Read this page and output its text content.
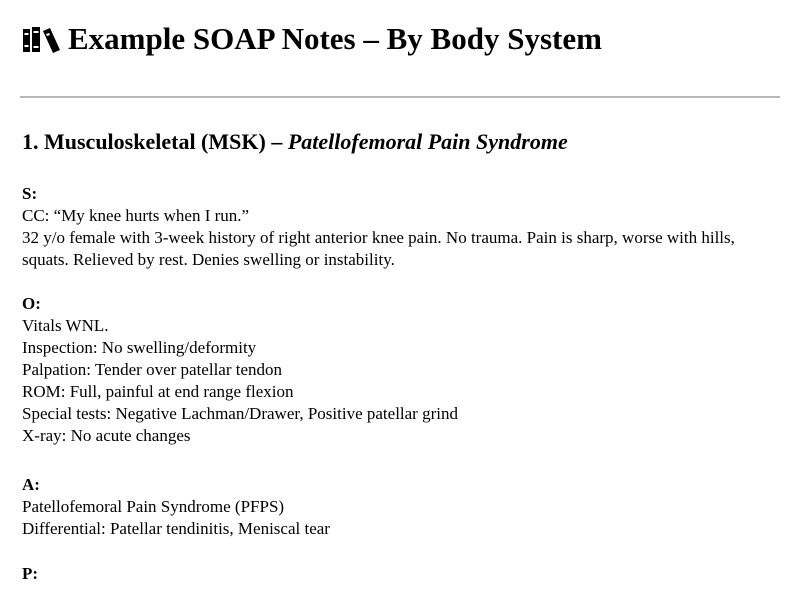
Example SOAP Notes – By Body System
1. Musculoskeletal (MSK) – Patellofemoral Pain Syndrome
S:
CC: “My knee hurts when I run.”
32 y/o female with 3-week history of right anterior knee pain. No trauma. Pain is sharp, worse with hills, squats. Relieved by rest. Denies swelling or instability.
O:
Vitals WNL.
Inspection: No swelling/deformity
Palpation: Tender over patellar tendon
ROM: Full, painful at end range flexion
Special tests: Negative Lachman/Drawer, Positive patellar grind
X-ray: No acute changes
A:
Patellofemoral Pain Syndrome (PFPS)
Differential: Patellar tendinitis, Meniscal tear
P:
